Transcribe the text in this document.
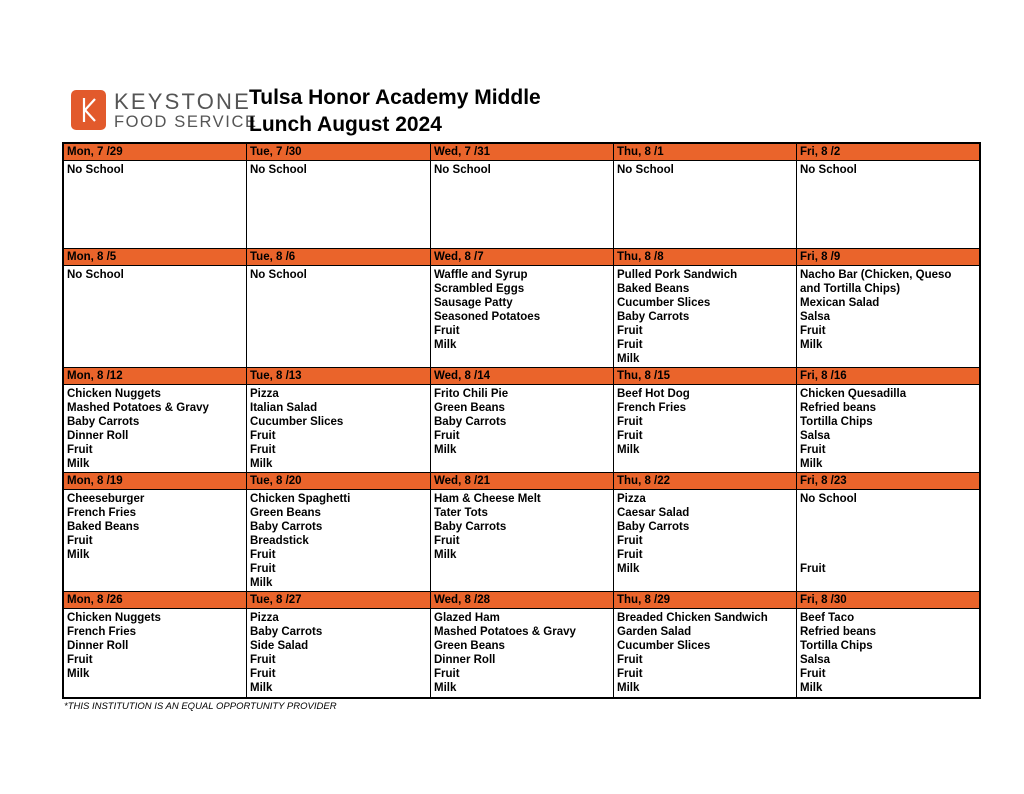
KEYSTONE
FOOD SERVICE
Tulsa Honor Academy Middle
Lunch August 2024
Mon, 7 /29
No School
Tue, 7 /30
No School
Wed, 7 /31
No School
Thu, 8 /1
No School
Fri, 8 /2
No School
Mon, 8 /5
No School
Tue, 8 /6
No School
Wed, 8 /7
Waffle and Syrup
Scrambled Eggs
Sausage Patty
Seasoned Potatoes
Fruit
Milk
Thu, 8 /8
Pulled Pork Sandwich
Baked Beans
Cucumber Slices
Baby Carrots
Fruit
Fruit
Milk
Fri, 8 /9
Nacho Bar (Chicken, Queso
and Tortilla Chips)
Mexican Salad
Salsa
Fruit
Milk
Mon, 8 /12
Chicken Nuggets
Mashed Potatoes & Gravy
Baby Carrots
Dinner Roll
Fruit
Milk
Tue, 8 /13
Pizza
Italian Salad
Cucumber Slices
Fruit
Fruit
Milk
Wed, 8 /14
Frito Chili Pie
Green Beans
Baby Carrots
Fruit
Milk
Thu, 8 /15
Beef Hot Dog
French Fries
Fruit
Fruit
Milk
Fri, 8 /16
Chicken Quesadilla
Refried beans
Tortilla Chips
Salsa
Fruit
Milk
Mon, 8 /19
Cheeseburger
French Fries
Baked Beans
Fruit
Milk
Tue, 8 /20
Chicken Spaghetti
Green Beans
Baby Carrots
Breadstick
Fruit
Fruit
Milk
Wed, 8 /21
Ham & Cheese Melt
Tater Tots
Baby Carrots
Fruit
Milk
Thu, 8 /22
Pizza
Caesar Salad
Baby Carrots
Fruit
Fruit
Milk
Fri, 8 /23
No School
Fruit
Mon, 8 /26
Chicken Nuggets
French Fries
Dinner Roll
Fruit
Milk
Tue, 8 /27
Pizza
Baby Carrots
Side Salad
Fruit
Fruit
Milk
Wed, 8 /28
Glazed Ham
Mashed Potatoes & Gravy
Green Beans
Dinner Roll
Fruit
Milk
Thu, 8 /29
Breaded Chicken Sandwich
Garden Salad
Cucumber Slices
Fruit
Fruit
Milk
Fri, 8 /30
Beef Taco
Refried beans
Tortilla Chips
Salsa
Fruit
Milk
*THIS INSTITUTION IS AN EQUAL OPPORTUNITY PROVIDER
